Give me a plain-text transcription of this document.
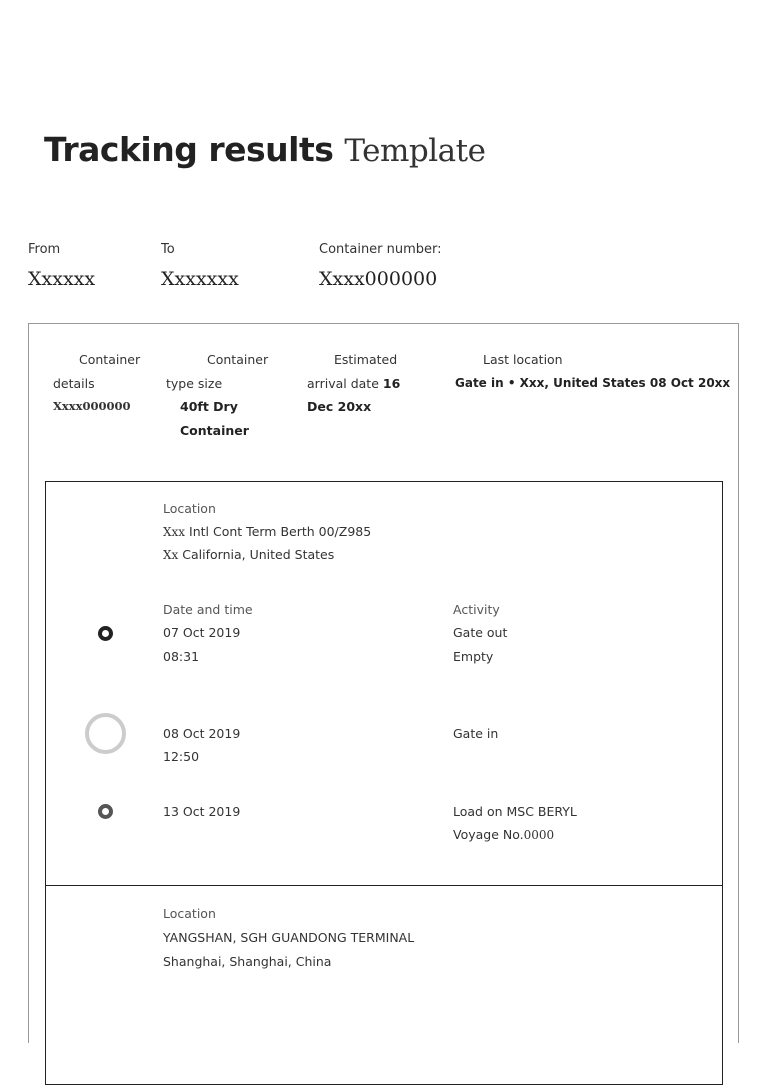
Tracking results Template
From
Xxxxxx
To
Xxxxxxx
Container number:
Xxxx000000
Container
details
Xxxx000000
Container
type size
40ft Dry
Container
Estimated
arrival date 16
Dec 20xx
Last location
Gate in • Xxx, United States 08 Oct 20xx
Location
Xxx Intl Cont Term Berth 00/Z985
Xx California, United States
Date and time	Activity
07 Oct 2019
08:31
Gate out
Empty
08 Oct 2019
12:50
Gate in
13 Oct 2019	Load on MSC BERYL
Voyage No.0000
Location
YANGSHAN, SGH GUANDONG TERMINAL
Shanghai, Shanghai, China
